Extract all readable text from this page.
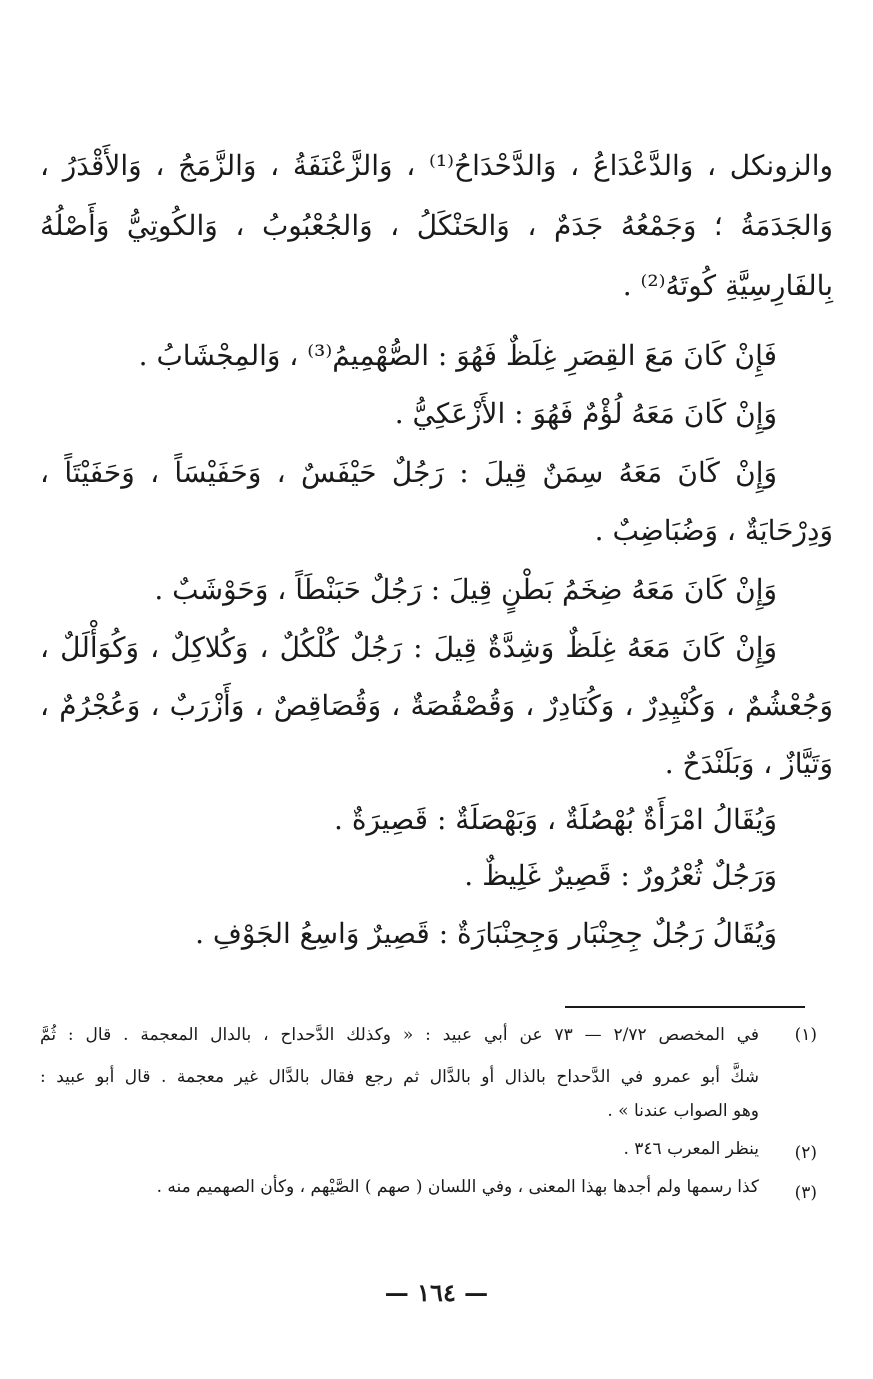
والزونكل ، وَالدَّعْدَاعُ ، وَالدَّحْدَاحُ⁽¹⁾ ، وَالزَّعْنَفَةُ ، وَالزَّمَجُ ، وَالأَقْدَرُ ،
وَالجَدَمَةُ ؛ وَجَمْعُهُ جَدَمٌ ، وَالحَنْكَلُ ، وَالجُعْبُوبُ ، وَالكُوتِيُّ وَأَصْلُهُ
بِالفَارِسِيَّةِ كُوتَهُ⁽²⁾ .
فَإِنْ كَانَ مَعَ القِصَرِ غِلَظٌ فَهُوَ : الصُّهْمِيمُ⁽³⁾ ، وَالمِجْشَابُ .
وَإِنْ كَانَ مَعَهُ لُؤْمٌ فَهُوَ : الأَزْعَكِيُّ .
وَإِنْ كَانَ مَعَهُ سِمَنٌ قِيلَ : رَجُلٌ حَيْفَسٌ ، وَحَفَيْسَاً ، وَحَفَيْتَاً ،
وَدِرْحَايَةٌ ، وَضُبَاضِبٌ .
وَإِنْ كَانَ مَعَهُ ضِخَمُ بَطْنٍ قِيلَ : رَجُلٌ حَبَنْطَاً ، وَحَوْشَبٌ .
وَإِنْ كَانَ مَعَهُ غِلَظٌ وَشِدَّةٌ قِيلَ : رَجُلٌ كُلْكُلٌ ، وَكُلاكِلٌ ، وَكُوَأْلَلٌ ،
وَجُعْشُمٌ ، وَكُنْيِدِرٌ ، وَكُنَادِرٌ ، وَقُصْقُصَةٌ ، وَقُصَاقِصٌ ، وَأَزْرَبٌ ، وَعُجْرُمٌ ،
وَتَيَّازٌ ، وَبَلَنْدَحٌ .
وَيُقَالُ امْرَأَةٌ بُهْصُلَةٌ ، وَبَهْصَلَةٌ : قَصِيرَةٌ .
وَرَجُلٌ ثُعْرُورٌ : قَصِيرٌ غَلِيظٌ .
وَيُقَالُ رَجُلٌ جِحِنْبَار وَجِحِنْبَارَةٌ : قَصِيرٌ وَاسِعُ الجَوْفِ .
(١)
في المخصص ٢/٧٢ — ٧٣ عن أبي عبيد : « وكذلك الدَّحداح ، بالدال المعجمة . قال : ثُمَّ
شكَّ أبو عمرو في الدَّحداح بالذال أو بالدَّال ثم رجع فقال بالدَّال غير معجمة . قال أبو عبيد :
وهو الصواب عندنا » .
(٢)
ينظر المعرب ٣٤٦ .
(٣)
كذا رسمها ولم أجدها بهذا المعنى ، وفي اللسان ( صهم ) الصَّيْهم ، وكأن الصهميم منه .
— ١٦٤ —
